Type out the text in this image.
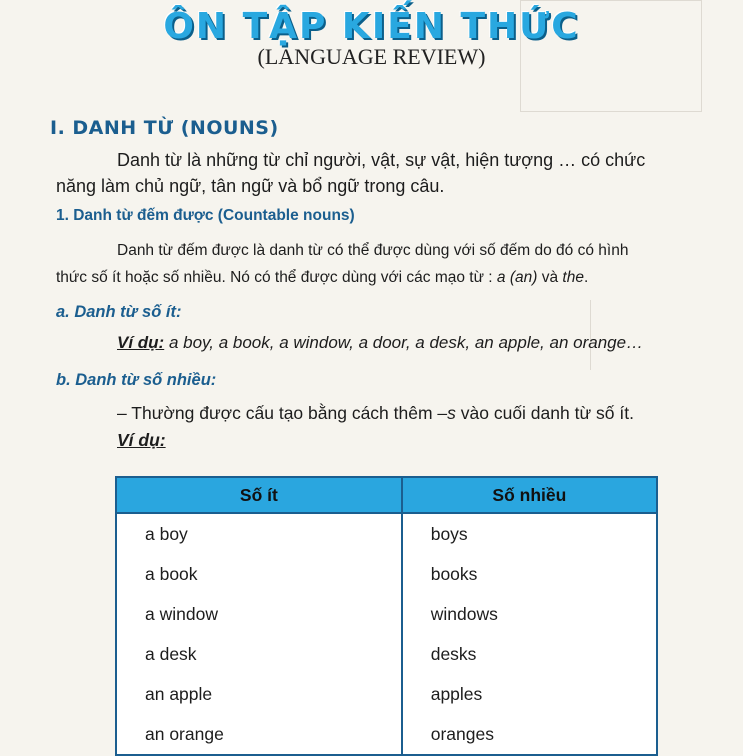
ÔN TẬP KIẾN THỨC
(LANGUAGE REVIEW)
I. DANH TỪ (NOUNS)
Danh từ là những từ chỉ người, vật, sự vật, hiện tượng … có chức
năng làm chủ ngữ, tân ngữ và bổ ngữ trong câu.
1. Danh từ đếm được (Countable nouns)
Danh từ đếm được là danh từ có thể được dùng với số đếm do đó có hình
thức số ít hoặc số nhiều. Nó có thể được dùng với các mạo từ : a (an) và the.
a. Danh từ số ít:
Ví dụ: a boy, a book, a window, a door, a desk, an apple, an orange…
b. Danh từ số nhiều:
– Thường được cấu tạo bằng cách thêm –s vào cuối danh từ số ít.
Ví dụ:
Số ít	Số nhiều
a boy	boys
a book	books
a window	windows
a desk	desks
an apple	apples
an orange	oranges
